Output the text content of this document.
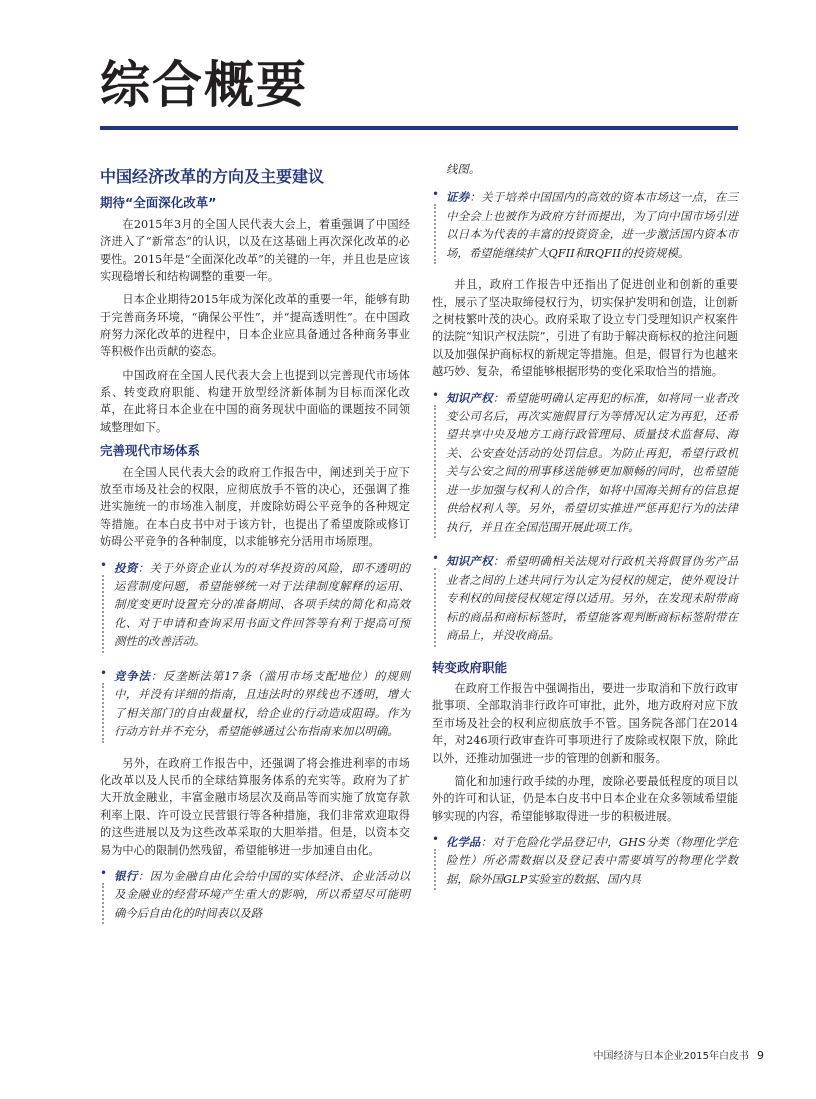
综合概要
中国经济改革的方向及主要建议
期待“全面深化改革”

在2015年3月的全国人民代表大会上，着重强调了中国经济进入了“新常态”的认识，以及在这基础上再次深化改革的必要性。2015年是“全面深化改革”的关键的一年，并且也是应该实现稳增长和结构调整的重要一年。

日本企业期待2015年成为深化改革的重要一年，能够有助于完善商务环境，“确保公平性”，并“提高透明性”。在中国政府努力深化改革的进程中，日本企业应具备通过各种商务事业等积极作出贡献的姿态。

中国政府在全国人民代表大会上也提到以完善现代市场体系、转变政府职能、构建开放型经济新体制为目标而深化改革，在此将日本企业在中国的商务现状中面临的课题按不同领域整理如下。

完善现代市场体系

在全国人民代表大会的政府工作报告中，阐述到关于应下放至市场及社会的权限，应彻底放手不管的决心，还强调了推进实施统一的市场准入制度，并废除妨碍公平竞争的各种规定等措施。在本白皮书中对于该方针，也提出了希望废除或修订妨碍公平竞争的各种制度，以求能够充分活用市场原理。

• 投资：关于外资企业认为的对华投资的风险，即不透明的运营制度问题，希望能够统一对于法律制度解释的运用、制度变更时设置充分的准备期间、各项手续的简化和高效化、对于申请和查询采用书面文件回答等有利于提高可预测性的改善活动。

• 竞争法：反垄断法第17条（滥用市场支配地位）的规则中，并没有详细的指南，且违法时的界线也不透明，增大了相关部门的自由裁量权，给企业的行动造成阻碍。作为行动方针并不充分，希望能够通过公布指南来加以明确。

另外，在政府工作报告中，还强调了将会推进利率的市场化改革以及人民币的全球结算服务体系的充实等。政府为了扩大开放金融业，丰富金融市场层次及商品等而实施了放宽存款利率上限、许可设立民营银行等各种措施，我们非常欢迎取得的这些进展以及为这些改革采取的大胆举措。但是，以资本交易为中心的限制仍然残留，希望能够进一步加速自由化。

• 银行：因为金融自由化会给中国的实体经济、企业活动以及金融业的经营环境产生重大的影响，所以希望尽可能明确今后自由化的时间表以及路

线图。

• 证券：关于培养中国国内的高效的资本市场这一点，在三中全会上也被作为政府方针而提出，为了向中国市场引进以日本为代表的丰富的投资资金，进一步激活国内资本市场，希望能继续扩大QFII和RQFII的投资规模。

并且，政府工作报告中还指出了促进创业和创新的重要性，展示了坚决取缔侵权行为，切实保护发明和创造，让创新之树枝繁叶茂的决心。政府采取了设立专门受理知识产权案件的法院“知识产权法院”，引进了有助于解决商标权的抢注问题以及加强保护商标权的新规定等措施。但是，假冒行为也越来越巧妙、复杂，希望能够根据形势的变化采取恰当的措施。

• 知识产权：希望能明确认定再犯的标准，如将同一业者改变公司名后，再次实施假冒行为等情况认定为再犯，还希望共享中央及地方工商行政管理局、质量技术监督局、海关、公安查处活动的处罚信息。为防止再犯，希望行政机关与公安之间的刑事移送能够更加顺畅的同时，也希望能进一步加强与权利人的合作，如将中国海关拥有的信息提供给权利人等。另外，希望切实推进严惩再犯行为的法律执行，并且在全国范围开展此项工作。

• 知识产权：希望明确相关法规对行政机关将假冒伪劣产品业者之间的上述共同行为认定为侵权的规定，使外观设计专利权的间接侵权规定得以适用。另外，在发现未附带商标的商品和商标标签时，希望能客观判断商标标签附带在商品上，并没收商品。

转变政府职能

在政府工作报告中强调指出，要进一步取消和下放行政审批事项、全部取消非行政许可审批，此外，地方政府对应下放至市场及社会的权利应彻底放手不管。国务院各部门在2014年，对246项行政审查许可事项进行了废除或权限下放，除此以外，还推动加强进一步的管理的创新和服务。

简化和加速行政手续的办理，废除必要最低程度的项目以外的许可和认证，仍是本白皮书中日本企业在众多领域希望能够实现的内容，希望能够取得进一步的积极进展。

• 化学品：对于危险化学品登记中，GHS分类（物理化学危险性）所必需数据以及登记表中需要填写的物理化学数据，除外国GLP实验室的数据、国内具

中国经济与日本企业2015年白皮书 9
